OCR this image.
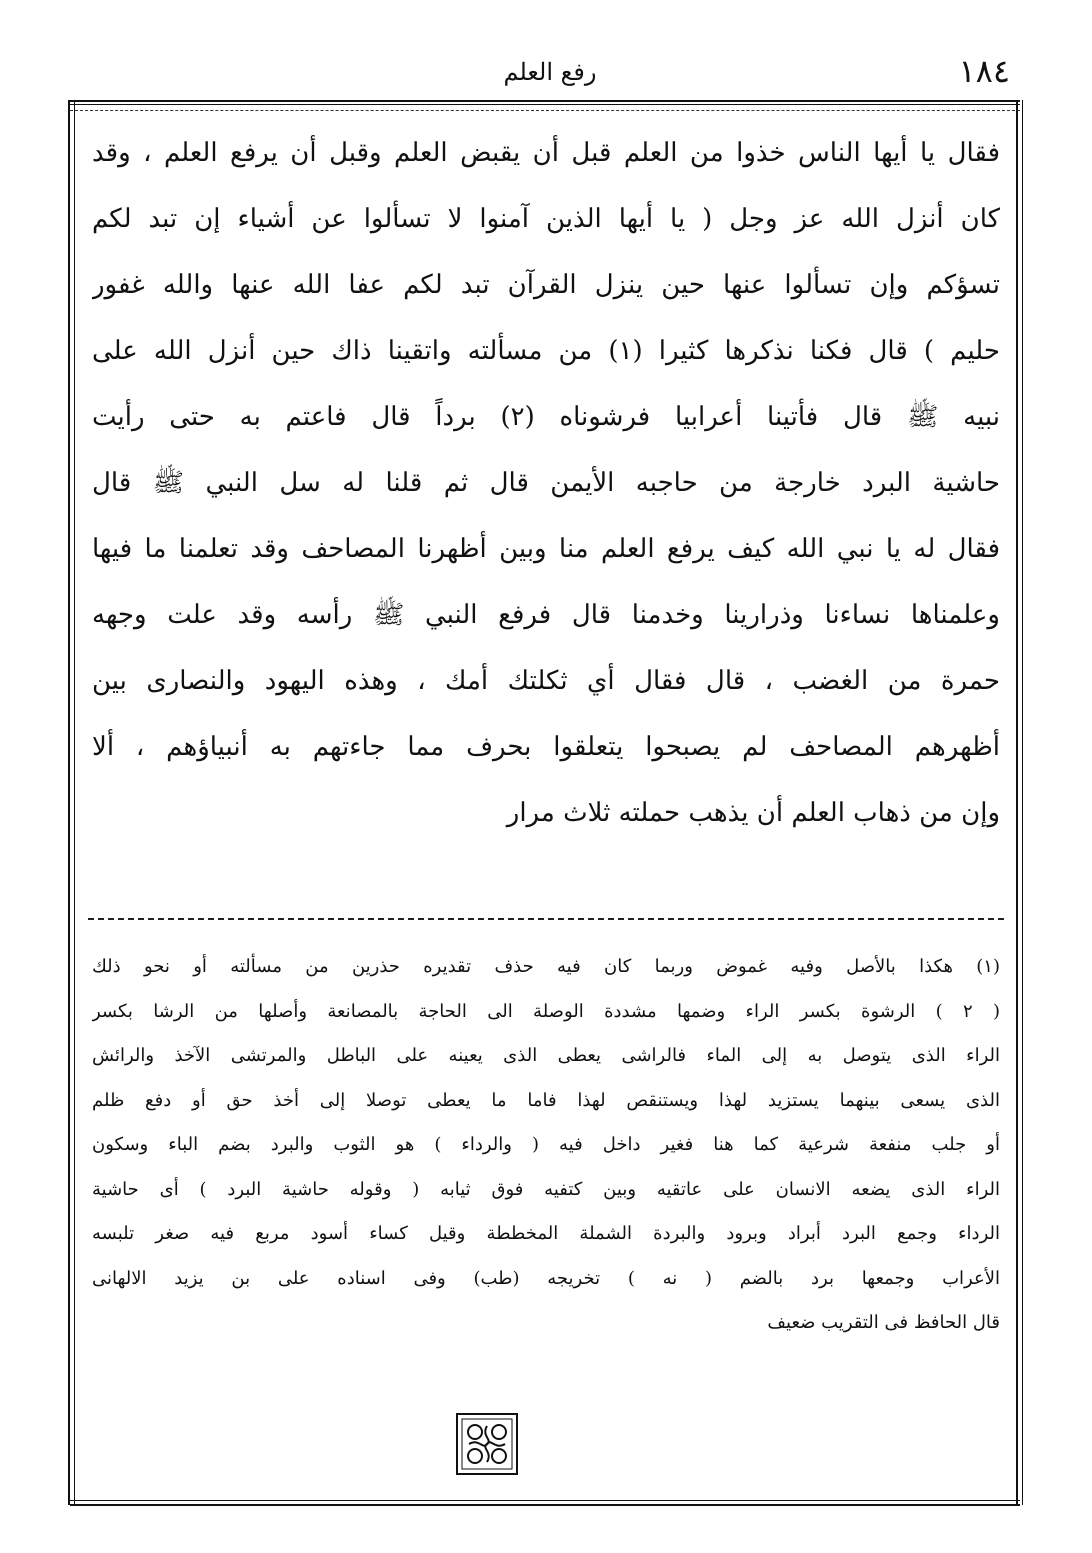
رفع العلم	١٨٤
فقال يا أيها الناس خذوا من العلم قبل أن يقبض العلم وقبل أن يرفع العلم ، وقد
كان أنزل الله عز وجل ( يا أيها الذين آمنوا لا تسألوا عن أشياء إن تبد لكم
تسؤكم وإن تسألوا عنها حين ينزل القرآن تبد لكم عفا الله عنها والله غفور
حليم ) قال فكنا نذكرها كثيرا (١) من مسألته واتقينا ذاك حين أنزل الله على
نبيه ﷺ قال فأتينا أعرابيا فرشوناه (٢) برداً قال فاعتم به حتى رأيت
حاشية البرد خارجة من حاجبه الأيمن قال ثم قلنا له سل النبي ﷺ قال
فقال له يا نبي الله كيف يرفع العلم منا وبين أظهرنا المصاحف وقد تعلمنا ما فيها
وعلمناها نساءنا وذرارينا وخدمنا قال فرفع النبي ﷺ رأسه وقد علت وجهه
حمرة من الغضب ، قال فقال أي ثكلتك أمك ، وهذه اليهود والنصارى بين
أظهرهم المصاحف لم يصبحوا يتعلقوا بحرف مما جاءتهم به أنبياؤهم ، ألا
وإن من ذهاب العلم أن يذهب حملته ثلاث مرار
(١) هكذا بالأصل وفيه غموض وربما كان فيه حذف تقديره حذرين من مسألته أو نحو ذلك
( ٢ ) الرشوة بكسر الراء وضمها مشددة الوصلة الى الحاجة بالمصانعة وأصلها من الرشا بكسر
الراء الذى يتوصل به إلى الماء فالراشى يعطى الذى يعينه على الباطل والمرتشى الآخذ والرائش
الذى يسعى بينهما يستزيد لهذا ويستنقص لهذا فاما ما يعطى توصلا إلى أخذ حق أو دفع ظلم
أو جلب منفعة شرعية كما هنا فغير داخل فيه ( والرداء ) هو الثوب والبرد بضم الباء وسكون
الراء الذى يضعه الانسان على عاتقيه وبين كتفيه فوق ثيابه ( وقوله حاشية البرد ) أى حاشية
الرداء وجمع البرد أبراد وبرود والبردة الشملة المخططة وقيل كساء أسود مربع فيه صغر تلبسه
الأعراب وجمعها برد بالضم ( نه ) تخريجه (طب) وفى اسناده على بن يزيد الالهانى
قال الحافظ فى التقريب ضعيف
